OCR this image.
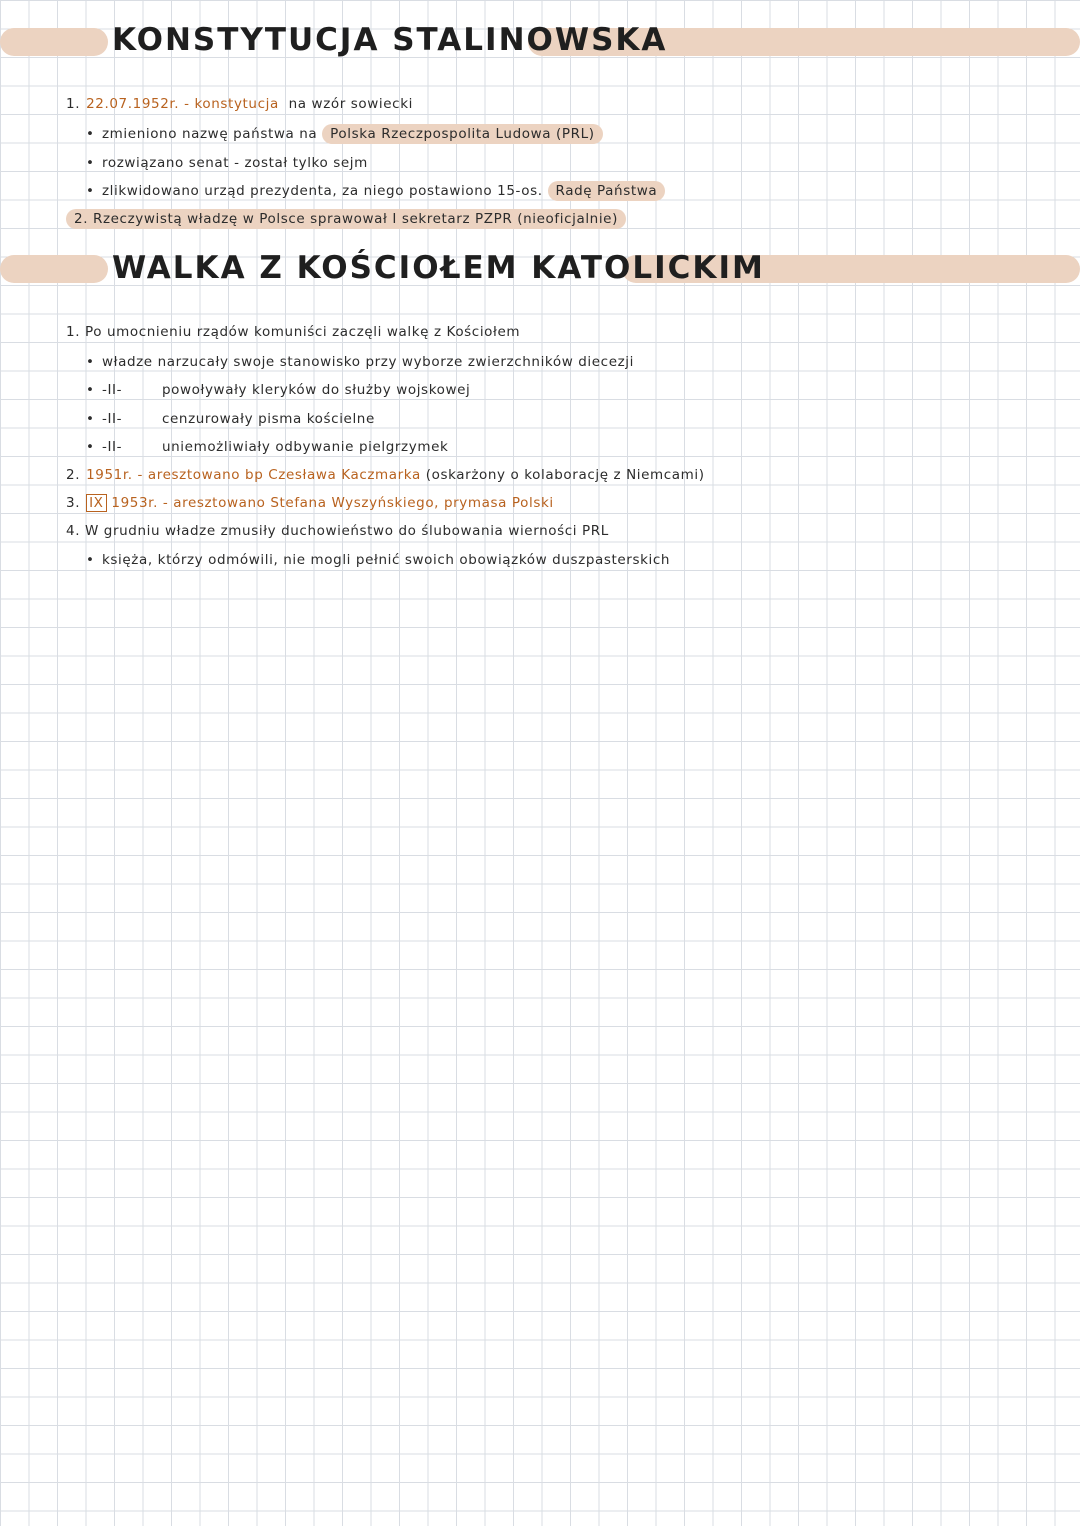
KONSTYTUCJA STALINOWSKA
1. 22.07.1952r. - konstytucja na wzór sowiecki
• zmieniono nazwę państwa na Polska Rzeczpospolita Ludowa (PRL)
• rozwiązano senat - został tylko sejm
• zlikwidowano urząd prezydenta, za niego postawiono 15-os. Radę Państwa
2. Rzeczywistą władzę w Polsce sprawował I sekretarz PZPR (nieoficjalnie)
WALKA Z KOŚCIOŁEM KATOLICKIM
1. Po umocnieniu rządów komuniści zaczęli walkę z Kościołem
• władze narzucały swoje stanowisko przy wyborze zwierzchników diecezji
• -II-	powoływały kleryków do służby wojskowej
• -II-	cenzurowały pisma kościelne
• -II-	uniemożliwiały odbywanie pielgrzymek
2. 1951r. - aresztowano bp Czesława Kaczmarka (oskarżony o kolaborację z Niemcami)
3. IX 1953r. - aresztowano Stefana Wyszyńskiego, prymasa Polski
4. W grudniu władze zmusiły duchowieństwo do ślubowania wierności PRL
• księża, którzy odmówili, nie mogli pełnić swoich obowiązków duszpasterskich
